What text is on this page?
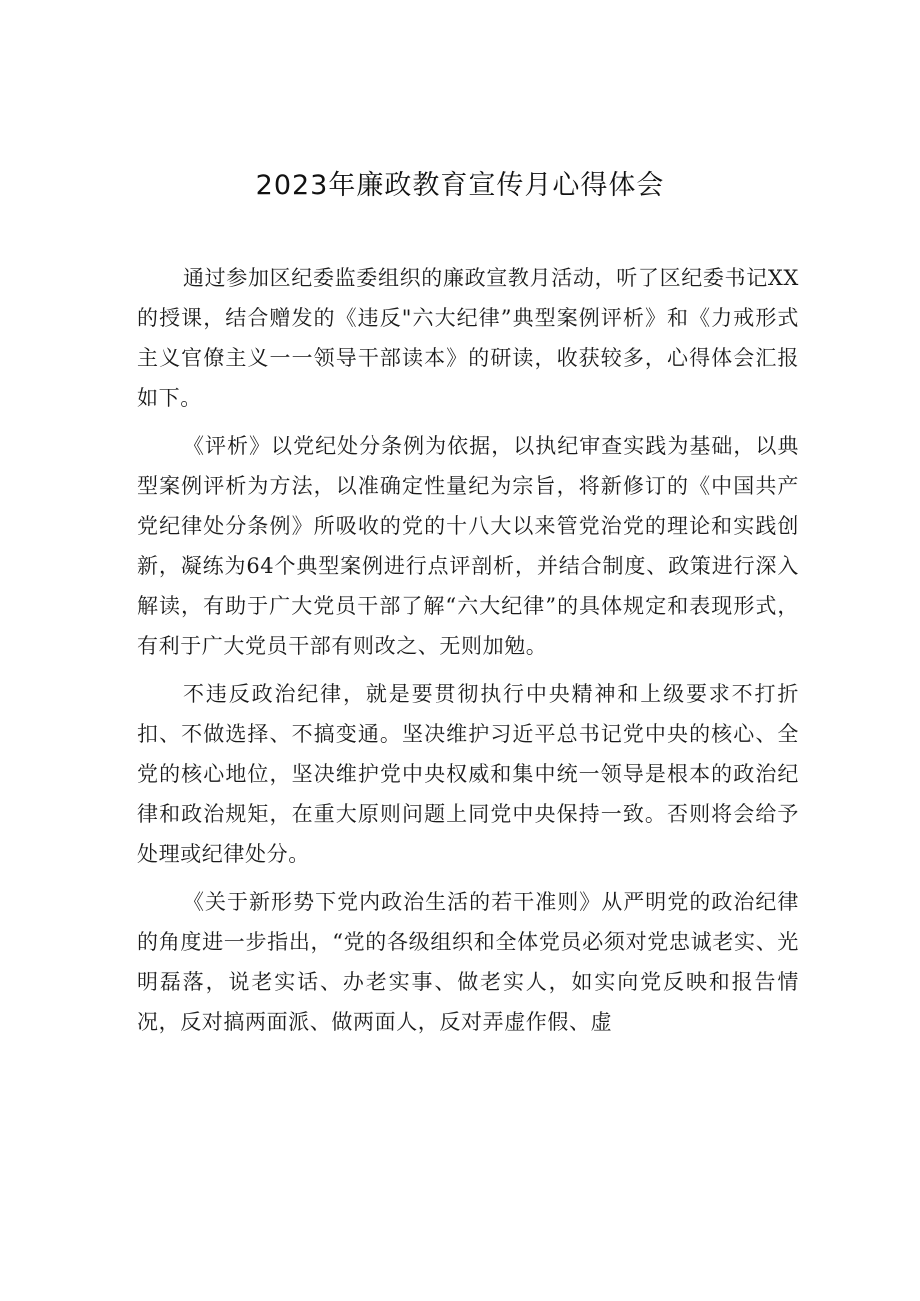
2023年廉政教育宣传月心得体会

通过参加区纪委监委组织的廉政宣教月活动，听了区纪委书记XX的授课，结合赠发的《违反"六大纪律”典型案例评析》和《力戒形式主义官僚主义一一领导干部读本》的研读，收获较多，心得体会汇报如下。

《评析》以党纪处分条例为依据，以执纪审查实践为基础，以典型案例评析为方法，以准确定性量纪为宗旨，将新修订的《中国共产党纪律处分条例》所吸收的党的十八大以来管党治党的理论和实践创新，凝练为64个典型案例进行点评剖析，并结合制度、政策进行深入解读，有助于广大党员干部了解“六大纪律”的具体规定和表现形式，有利于广大党员干部有则改之、无则加勉。

不违反政治纪律，就是要贯彻执行中央精神和上级要求不打折扣、不做选择、不搞变通。坚决维护习近平总书记党中央的核心、全党的核心地位，坚决维护党中央权威和集中统一领导是根本的政治纪律和政治规矩，在重大原则问题上同党中央保持一致。否则将会给予处理或纪律处分。

《关于新形势下党内政治生活的若干准则》从严明党的政治纪律的角度进一步指出，“党的各级组织和全体党员必须对党忠诚老实、光明磊落，说老实话、办老实事、做老实人，如实向党反映和报告情况，反对搞两面派、做两面人，反对弄虚作假、虚
